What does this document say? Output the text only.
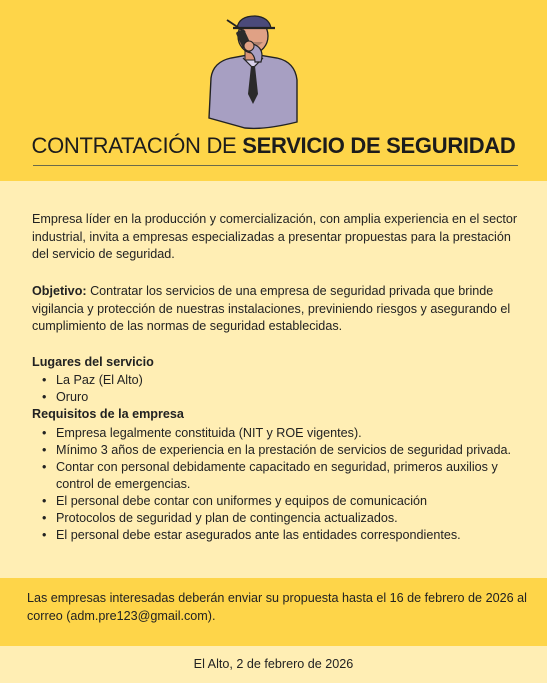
CONTRATACIÓN DE SERVICIO DE SEGURIDAD
Empresa líder en la producción y comercialización, con amplia experiencia en el sector industrial, invita a empresas especializadas a presentar propuestas para la prestación del servicio de seguridad.
Objetivo: Contratar los servicios de una empresa de seguridad privada que brinde vigilancia y protección de nuestras instalaciones, previniendo riesgos y asegurando el cumplimiento de las normas de seguridad establecidas.
Lugares del servicio
• La Paz (El Alto)
• Oruro
Requisitos de la empresa
• Empresa legalmente constituida (NIT y ROE vigentes).
• Mínimo 3 años de experiencia en la prestación de servicios de seguridad privada.
• Contar con personal debidamente capacitado en seguridad, primeros auxilios y control de emergencias.
• El personal debe contar con uniformes y equipos de comunicación
• Protocolos de seguridad y plan de contingencia actualizados.
• El personal debe estar asegurados ante las entidades correspondientes.
Las empresas interesadas deberán enviar su propuesta hasta el 16 de febrero de 2026 al correo (adm.pre123@gmail.com).
El Alto, 2 de febrero de 2026
